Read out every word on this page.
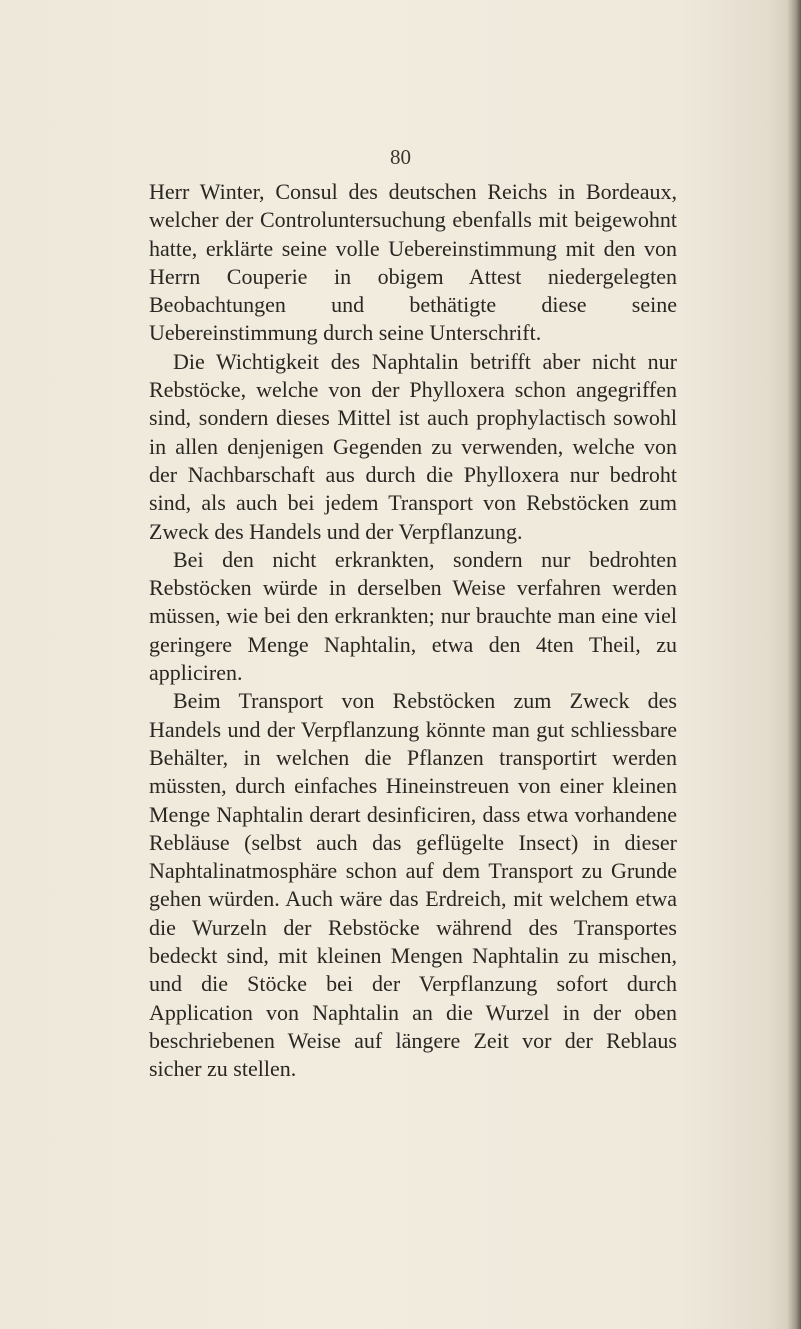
80

Herr Winter, Consul des deutschen Reichs in Bordeaux, welcher der Controluntersuchung ebenfalls mit beigewohnt hatte, erklärte seine volle Uebereinstimmung mit den von Herrn Couperie in obigem Attest niedergelegten Beobachtungen und bethätigte diese seine Uebereinstimmung durch seine Unterschrift.

Die Wichtigkeit des Naphtalin betrifft aber nicht nur Rebstöcke, welche von der Phylloxera schon angegriffen sind, sondern dieses Mittel ist auch prophylactisch sowohl in allen denjenigen Gegenden zu verwenden, welche von der Nachbarschaft aus durch die Phylloxera nur bedroht sind, als auch bei jedem Transport von Rebstöcken zum Zweck des Handels und der Verpflanzung.

Bei den nicht erkrankten, sondern nur bedrohten Rebstöcken würde in derselben Weise verfahren werden müssen, wie bei den erkrankten; nur brauchte man eine viel geringere Menge Naphtalin, etwa den 4ten Theil, zu appliciren.

Beim Transport von Rebstöcken zum Zweck des Handels und der Verpflanzung könnte man gut schliessbare Behälter, in welchen die Pflanzen transportirt werden müssten, durch einfaches Hineinstreuen von einer kleinen Menge Naphtalin derart desinficiren, dass etwa vorhandene Rebläuse (selbst auch das geflügelte Insect) in dieser Naphtalinatmosphäre schon auf dem Transport zu Grunde gehen würden. Auch wäre das Erdreich, mit welchem etwa die Wurzeln der Rebstöcke während des Transportes bedeckt sind, mit kleinen Mengen Naphtalin zu mischen, und die Stöcke bei der Verpflanzung sofort durch Application von Naphtalin an die Wurzel in der oben beschriebenen Weise auf längere Zeit vor der Reblaus sicher zu stellen.
